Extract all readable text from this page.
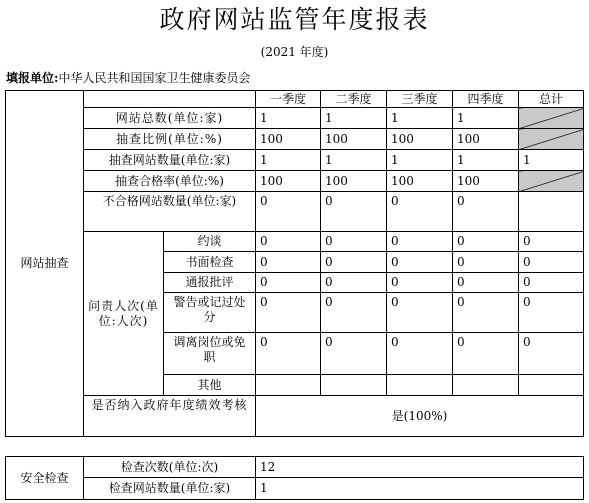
政府网站监管年度报表
(2021 年度)
填报单位:中华人民共和国国家卫生健康委员会
网站抽查			一季度	二季度	三季度	四季度	总计
	网站总数(单位:家)		1	1	1	1	
	抽查比例(单位:%)		100	100	100	100	
	抽查网站数量(单位:家)		1	1	1	1	1
	抽查合格率(单位:%)		100	100	100	100	
	不合格网站数量(单位:家)		0	0	0	0	
	问责人次(单位:人次)	约谈	0	0	0	0	0
		书面检查	0	0	0	0	0
		通报批评	0	0	0	0	0
		警告或记过处分	0	0	0	0	0
		调离岗位或免职	0	0	0	0	0
		其他					
	是否纳入政府年度绩效考核		是(100%)				
安全检查	检查次数(单位:次)	12
	检查网站数量(单位:家)	1
